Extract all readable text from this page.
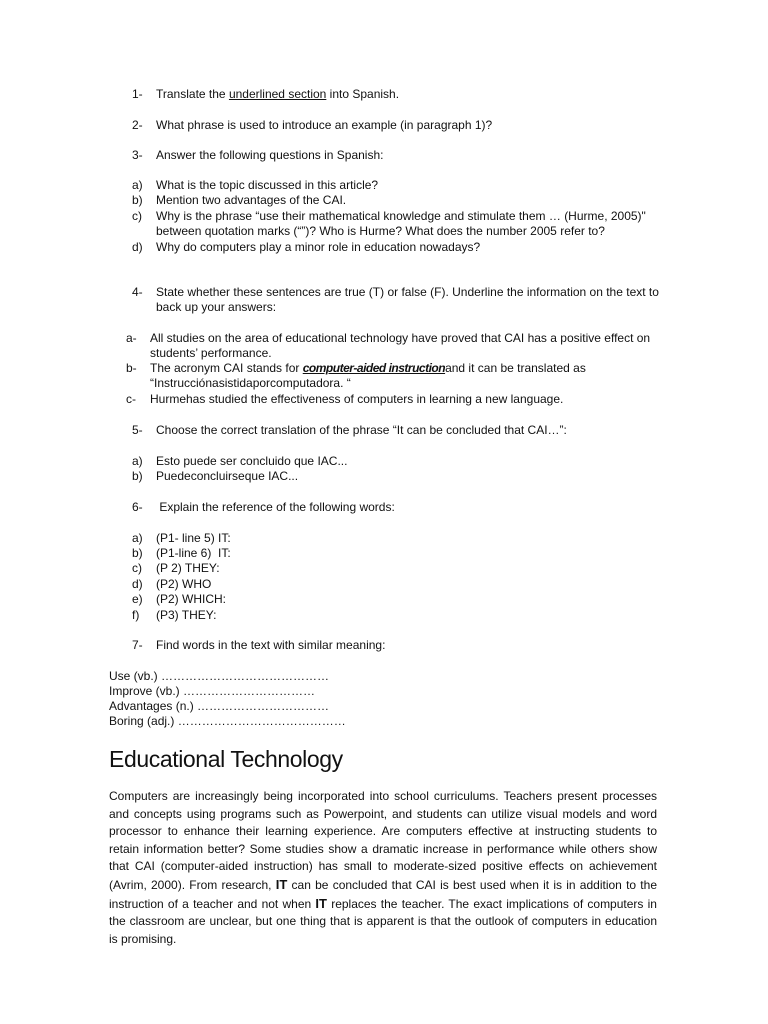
1- Translate the underlined section into Spanish.
2- What phrase is used to introduce an example (in paragraph 1)?
3- Answer the following questions in Spanish:
a) What is the topic discussed in this article?
b) Mention two advantages of the CAI.
c) Why is the phrase “use their mathematical knowledge and stimulate them … (Hurme, 2005)"
between quotation marks (“”)? Who is Hurme? What does the number 2005 refer to?
d) Why do computers play a minor role in education nowadays?
4- State whether these sentences are true (T) or false (F). Underline the information on the text to
back up your answers:
a- All studies on the area of educational technology have proved that CAI has a positive effect on
students’ performance.
b- The acronym CAI stands for computer-aided instructionand it can be translated as
“Instrucciónasistidaporcomputadora. “
c- Hurmehas studied the effectiveness of computers in learning a new language.
5- Choose the correct translation of the phrase “It can be concluded that CAI…”:
a) Esto puede ser concluido que IAC...
b) Puedeconcluirseque IAC...
6- Explain the reference of the following words:
a) (P1- line 5) IT:
b) (P1-line 6)  IT:
c) (P 2) THEY:
d) (P2) WHO
e) (P2) WHICH:
f) (P3) THEY:
7- Find words in the text with similar meaning:
Use (vb.) ……………………………………
Improve (vb.) ……………………………
Advantages (n.) ……………………………
Boring (adj.) ……………………………………
Educational Technology
Computers are increasingly being incorporated into school curriculums. Teachers present processes and concepts using programs such as Powerpoint, and students can utilize visual models and word processor to enhance their learning experience. Are computers effective at instructing students to retain information better? Some studies show a dramatic increase in performance while others show that CAI (computer-aided instruction) has small to moderate-sized positive effects on achievement (Avrim, 2000). From research, IT can be concluded that CAI is best used when it is in addition to the instruction of a teacher and not when IT replaces the teacher. The exact implications of computers in the classroom are unclear, but one thing that is apparent is that the outlook of computers in education is promising.
